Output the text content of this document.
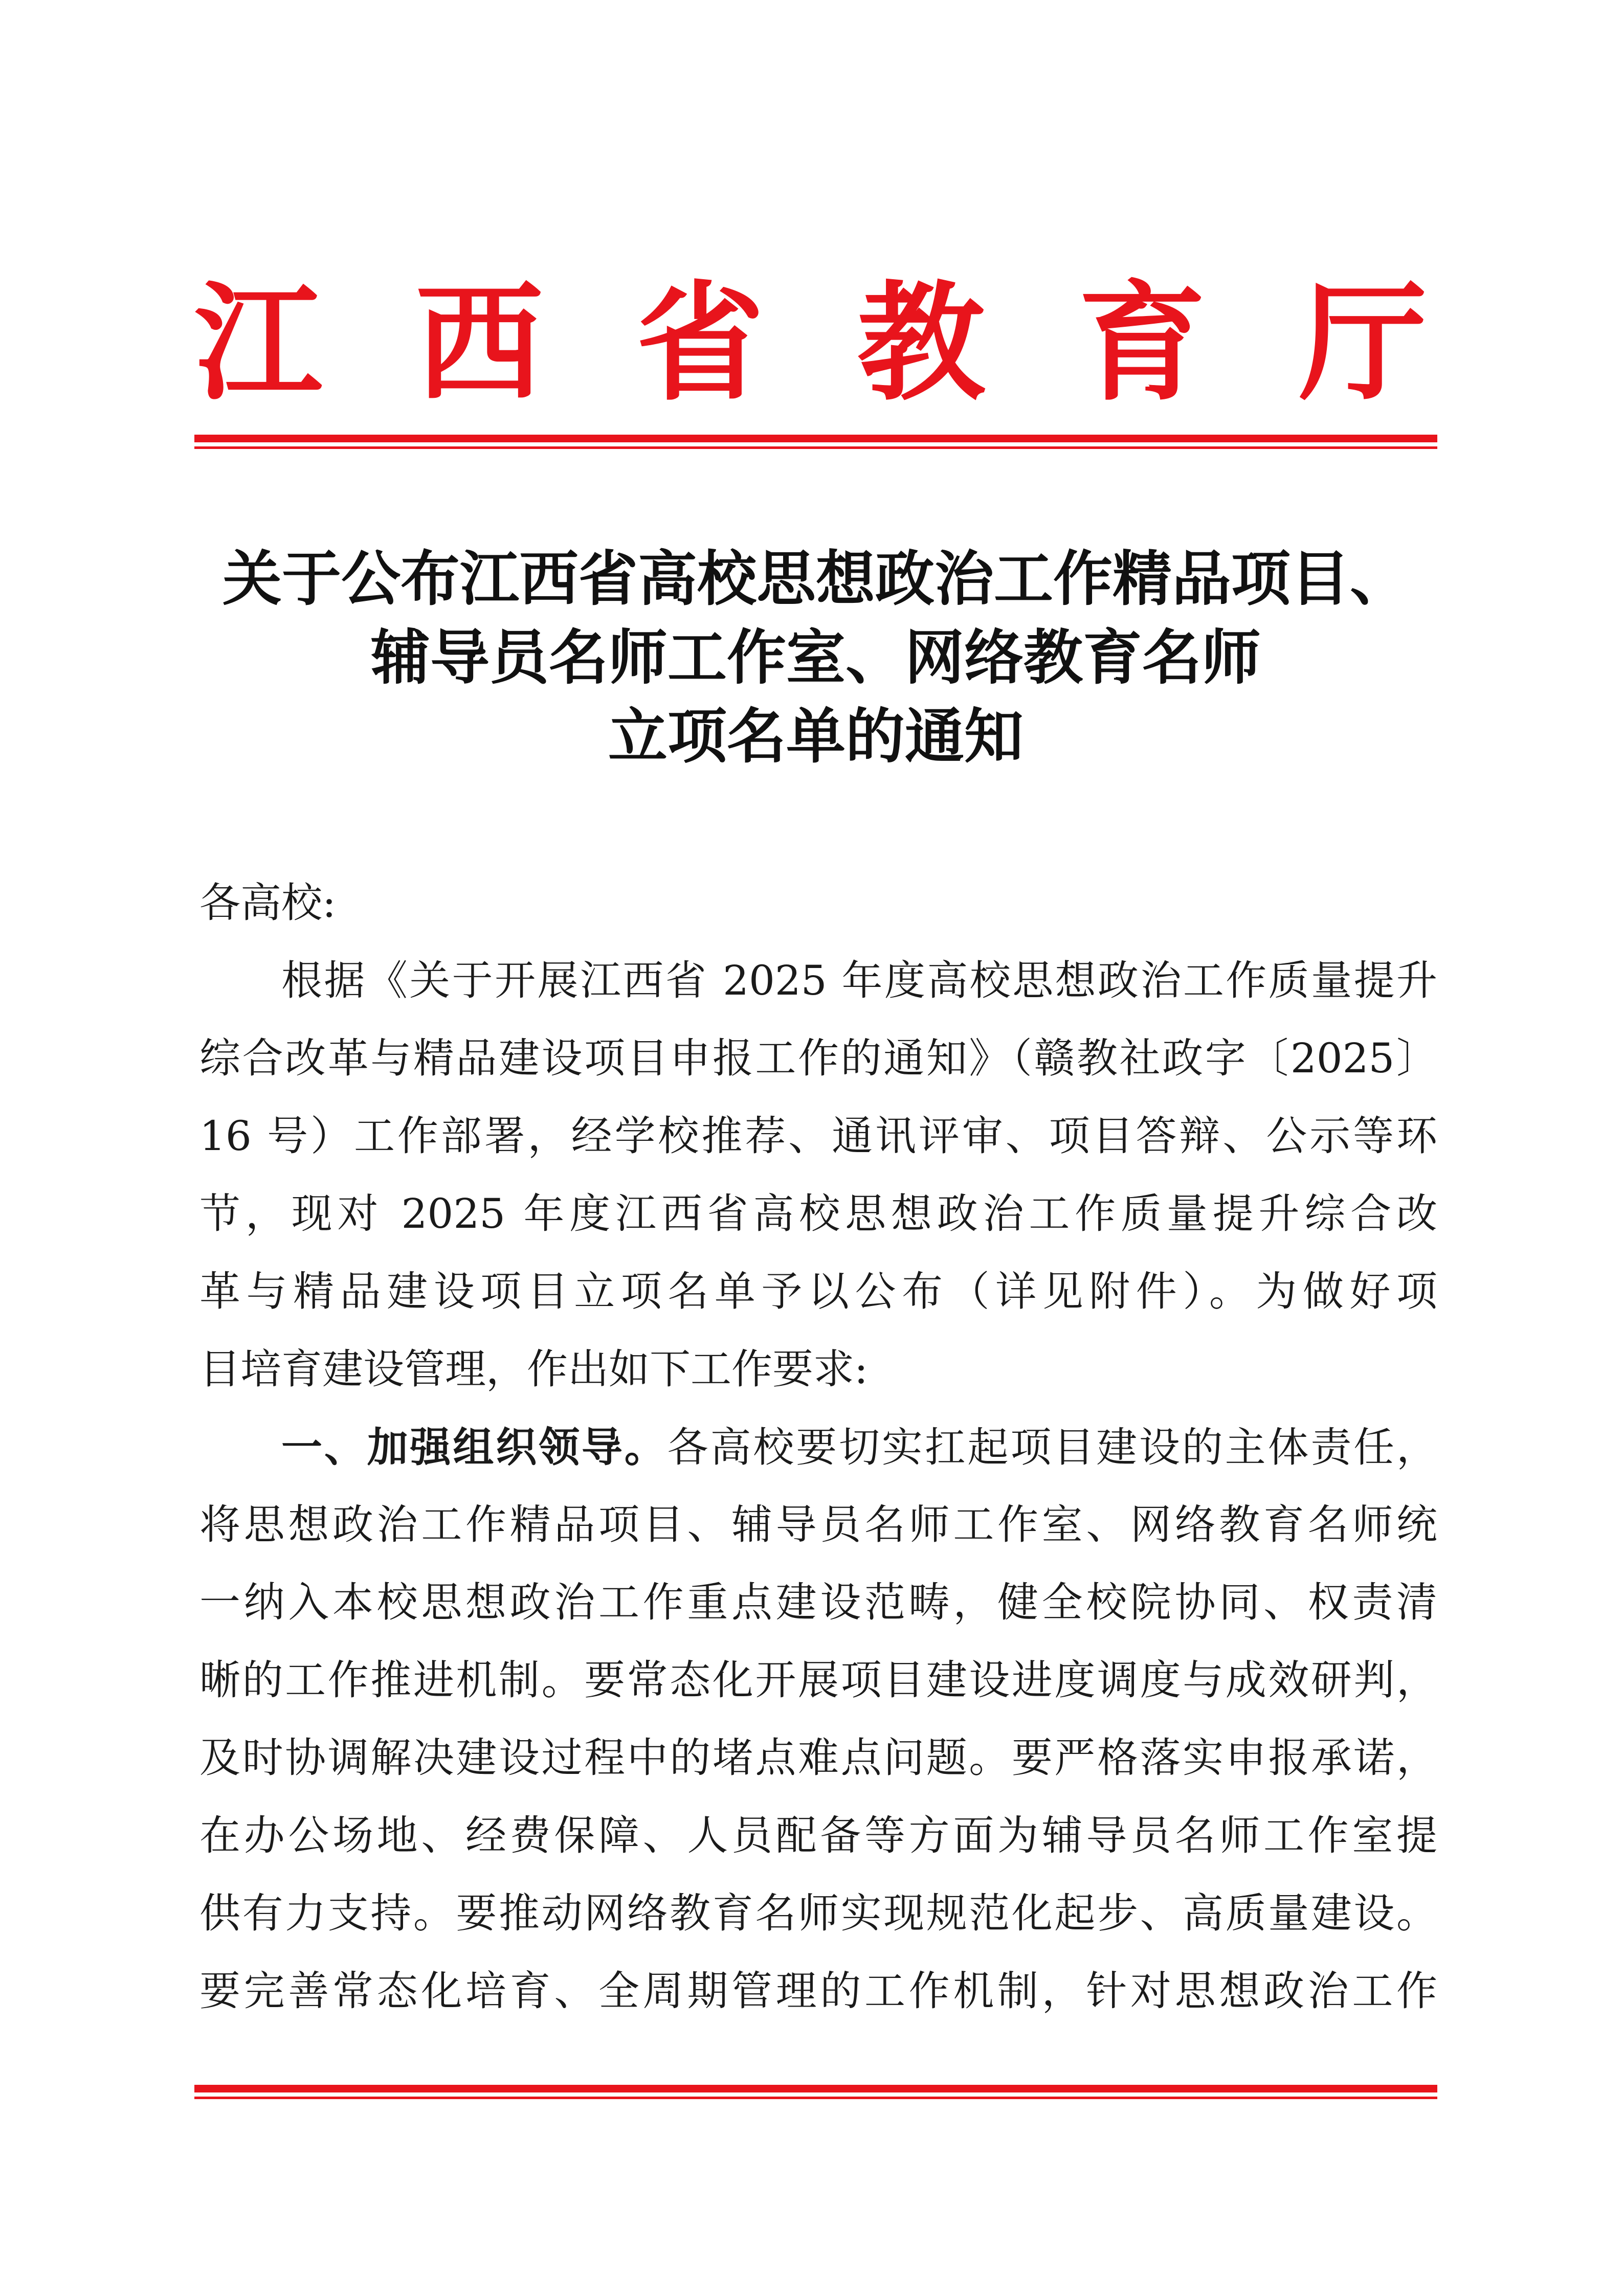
江 西 省 教 育 厅
关于公布江西省高校思想政治工作精品项目、
辅导员名师工作室、网络教育名师
立项名单的通知
各高校:
根据《关于开展江西省 2025 年度高校思想政治工作质量提升
综合改革与精品建设项目申报工作的通知》（赣教社政字〔2025〕
16 号）工作部署，经学校推荐、通讯评审、项目答辩、公示等环
节，现对 2025 年度江西省高校思想政治工作质量提升综合改
革与精品建设项目立项名单予以公布（详见附件）。为做好项
目培育建设管理，作出如下工作要求:
一、加强组织领导。各高校要切实扛起项目建设的主体责任，
将思想政治工作精品项目、辅导员名师工作室、网络教育名师统
一纳入本校思想政治工作重点建设范畴，健全校院协同、权责清
晰的工作推进机制。要常态化开展项目建设进度调度与成效研判，
及时协调解决建设过程中的堵点难点问题。要严格落实申报承诺，
在办公场地、经费保障、人员配备等方面为辅导员名师工作室提
供有力支持。要推动网络教育名师实现规范化起步、高质量建设。
要完善常态化培育、全周期管理的工作机制，针对思想政治工作
